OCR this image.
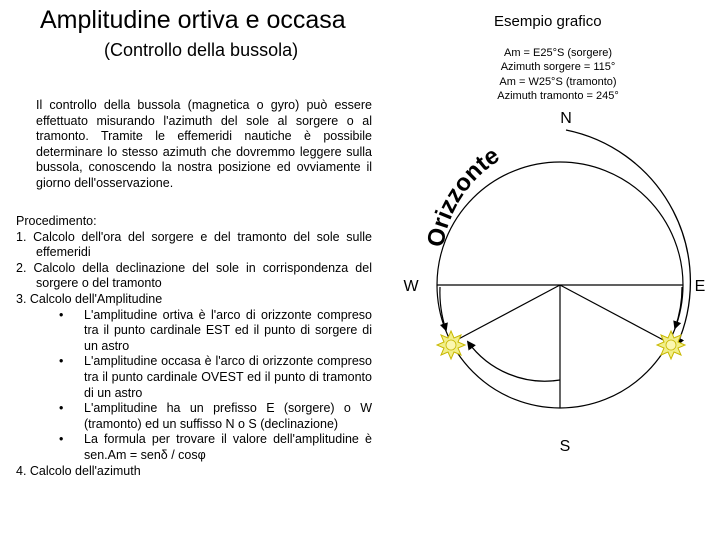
Amplitudine ortiva e occasa
(Controllo della bussola)
Esempio grafico
Am = E25°S (sorgere)
Azimuth sorgere = 115°
Am = W25°S (tramonto)
Azimuth tramonto = 245°
Il controllo della bussola (magnetica o gyro) può essere effettuato misurando l'azimuth del sole al sorgere o al tramonto. Tramite le effemeridi nautiche è possibile determinare lo stesso azimuth che dovremmo leggere sulla bussola, conoscendo la nostra posizione ed ovviamente il giorno dell'osservazione.
Procedimento:
1. Calcolo dell'ora del sorgere e del tramonto del sole sulle effemeridi
2. Calcolo della declinazione del sole in corrispondenza del sorgere o del tramonto
3. Calcolo dell'Amplitudine
• L'amplitudine ortiva è l'arco di orizzonte compreso tra il punto cardinale EST ed il punto di sorgere di un astro
• L'amplitudine occasa è l'arco di orizzonte compreso tra il punto cardinale OVEST ed il punto di tramonto di un astro
• L'amplitudine ha un prefisso E (sorgere) o W (tramonto) ed un suffisso N o S (declinazione)
• La formula per trovare il valore dell'amplitudine è sen.Am = senδ / cosφ
4. Calcolo dell'azimuth
N
S
W	E
Orizzonte
